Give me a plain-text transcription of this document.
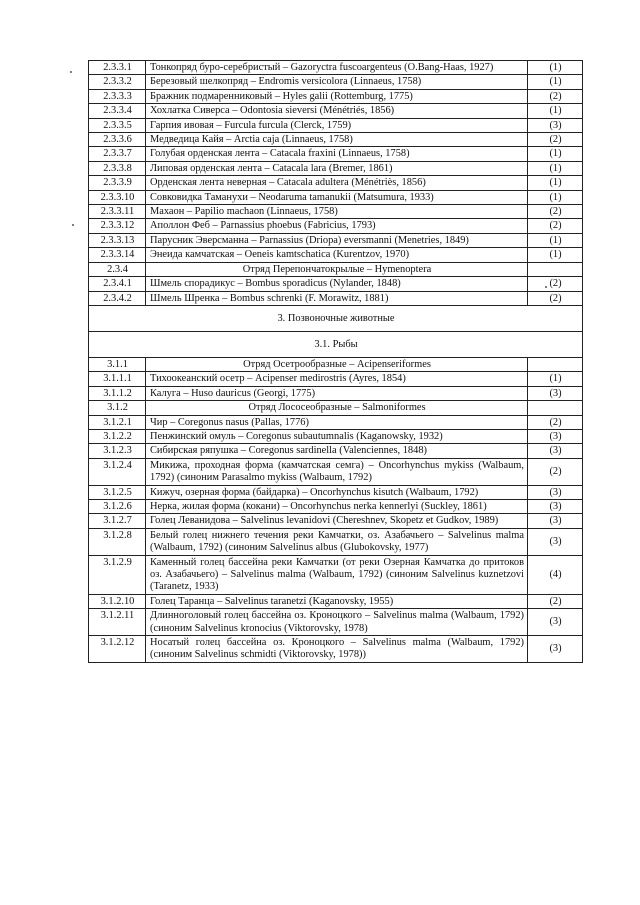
2.3.3.1	Тонкопряд буро-серебристый – Gazoryctra fuscoargenteus (O.Bang-Haas, 1927)	(1)
2.3.3.2	Березовый шелкопряд – Endromis versicolora (Linnaeus, 1758)	(1)
2.3.3.3	Бражник подмаренниковый – Hyles galii (Rottemburg, 1775)	(2)
2.3.3.4	Хохлатка Сиверса – Odontosia sieversi (Ménétriés, 1856)	(1)
2.3.3.5	Гарпия ивовая – Furcula furcula (Clerck, 1759)	(3)
2.3.3.6	Медведица Кайя – Arctia caja (Linnaeus, 1758)	(2)
2.3.3.7	Голубая орденская лента – Catacala fraxini (Linnaeus, 1758)	(1)
2.3.3.8	Липовая орденская лента – Catacala lara (Bremer, 1861)	(1)
2.3.3.9	Орденская лента неверная – Catacala adultera (Ménétriès, 1856)	(1)
2.3.3.10	Совковидка Таманухи – Neodaruma tamanukii (Matsumura, 1933)	(1)
2.3.3.11	Махаон – Papilio machaon (Linnaeus, 1758)	(2)
2.3.3.12	Аполлон Феб – Parnassius phoebus (Fabricius, 1793)	(2)
2.3.3.13	Парусник Эверсманна – Parnassius (Driopa) eversmanni (Menetries, 1849)	(1)
2.3.3.14	Энеида камчатская – Oeneis kamtschatica (Kurentzov, 1970)	(1)
2.3.4	Отряд Перепончатокрылые – Hymenoptera	
2.3.4.1	Шмель спорадикус – Bombus sporadicus (Nylander, 1848)	(2)
2.3.4.2	Шмель Шренка – Bombus schrenki (F. Morawitz, 1881)	(2)
3. Позвоночные животные		
3.1. Рыбы		
3.1.1	Отряд Осетрообразные – Acipenseriformes	
3.1.1.1	Тихоокеанский осетр – Acipenser medirostris (Ayres, 1854)	(1)
3.1.1.2	Калуга – Huso dauricus (Georgi, 1775)	(3)
3.1.2	Отряд Лососеобразные – Salmoniformes	
3.1.2.1	Чир – Coregonus nasus (Pallas, 1776)	(2)
3.1.2.2	Пенжинский омуль – Coregonus subautumnalis (Kaganowsky, 1932)	(3)
3.1.2.3	Сибирская ряпушка – Coregonus sardinella (Valenciennes, 1848)	(3)
3.1.2.4	Микижа, проходная форма (камчатская семга) – Oncorhynchus mykiss (Walbaum, 1792) (синоним Parasalmo mykiss (Walbaum, 1792)	(2)
3.1.2.5	Кижуч, озерная форма (байдарка) – Oncorhynchus kisutch (Walbaum, 1792)	(3)
3.1.2.6	Нерка, жилая форма (кокани) – Oncorhynchus nerka kennerlyi (Suckley, 1861)	(3)
3.1.2.7	Голец Леванидова – Salvelinus levanidovi (Chereshnev, Skopetz et Gudkov, 1989)	(3)
3.1.2.8	Белый голец нижнего течения реки Камчатки, оз. Азабачьего – Salvelinus malma (Walbaum, 1792) (синоним Salvelinus albus (Glubokovsky, 1977)	(3)
3.1.2.9	Каменный голец бассейна реки Камчатки (от реки Озерная Камчатка до притоков оз. Азабачьего) – Salvelinus malma (Walbaum, 1792) (синоним Salvelinus kuznetzovi (Taranetz, 1933)	(4)
3.1.2.10	Голец Таранца – Salvelinus taranetzi (Kaganovsky, 1955)	(2)
3.1.2.11	Длинноголовый голец бассейна оз. Кроноцкого – Salvelinus malma (Walbaum, 1792) (синоним Salvelinus kronocius (Viktorovsky, 1978)	(3)
3.1.2.12	Носатый голец бассейна оз. Кроноцкого – Salvelinus malma (Walbaum, 1792) (синоним Salvelinus schmidti (Viktorovsky, 1978))	(3)
